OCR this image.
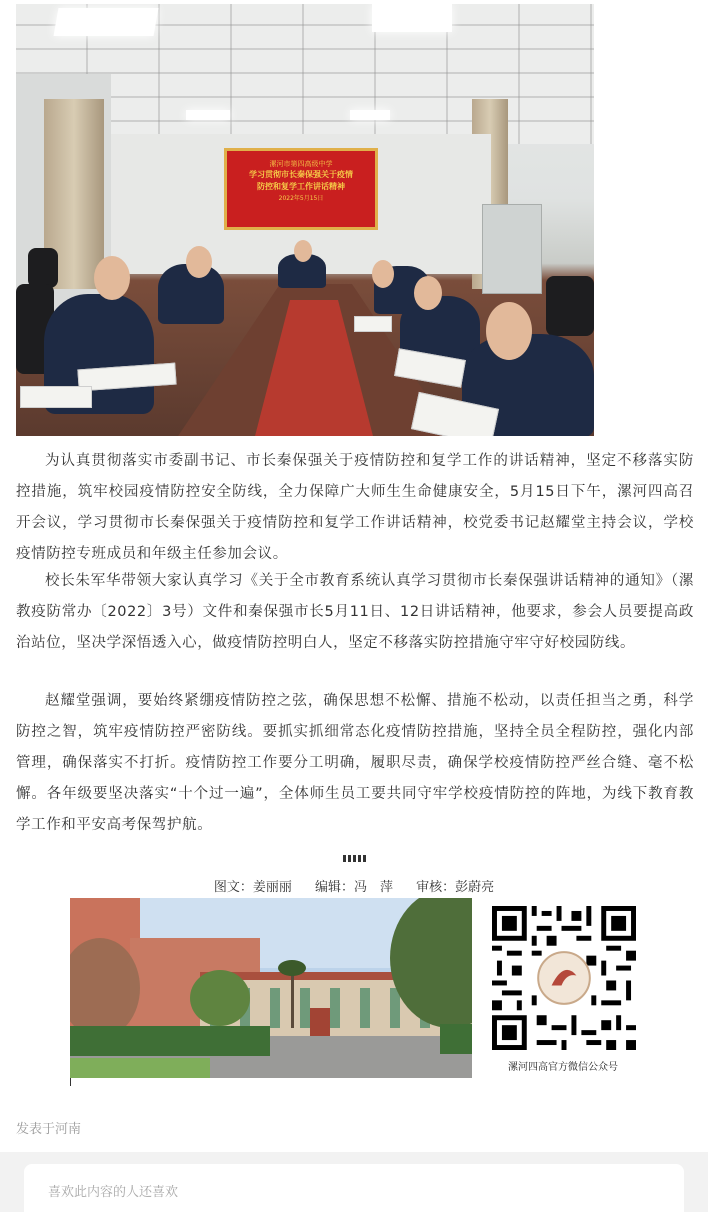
漯河市第四高级中学
学习贯彻市长秦保强关于疫情
防控和复学工作讲话精神
2022年5月15日

为认真贯彻落实市委副书记、市长秦保强关于疫情防控和复学工作的讲话精神，坚定不移落实防控措施，筑牢校园疫情防控安全防线，全力保障广大师生生命健康安全，5月15日下午，漯河四高召开会议，学习贯彻市长秦保强关于疫情防控和复学工作讲话精神，校党委书记赵耀堂主持会议，学校疫情防控专班成员和年级主任参加会议。

校长朱军华带领大家认真学习《关于全市教育系统认真学习贯彻市长秦保强讲话精神的通知》（漯教疫防常办〔2022〕3号）文件和秦保强市长5月11日、12日讲话精神，他要求，参会人员要提高政治站位，坚决学深悟透入心，做疫情防控明白人，坚定不移落实防控措施守牢守好校园防线。

赵耀堂强调，要始终紧绷疫情防控之弦，确保思想不松懈、措施不松动，以责任担当之勇，科学防控之智，筑牢疫情防控严密防线。要抓实抓细常态化疫情防控措施，坚持全员全程防控，强化内部管理，确保落实不打折。疫情防控工作要分工明确，履职尽责，确保学校疫情防控严丝合缝、毫不松懈。各年级要坚决落实“十个过一遍”，全体师生员工要共同守牢学校疫情防控的阵地，为线下教育教学工作和平安高考保驾护航。

图文：姜丽丽　 编辑：冯　萍　 审核：彭蔚亮
漯河四高官方微信公众号
发表于河南
喜欢此内容的人还喜欢
